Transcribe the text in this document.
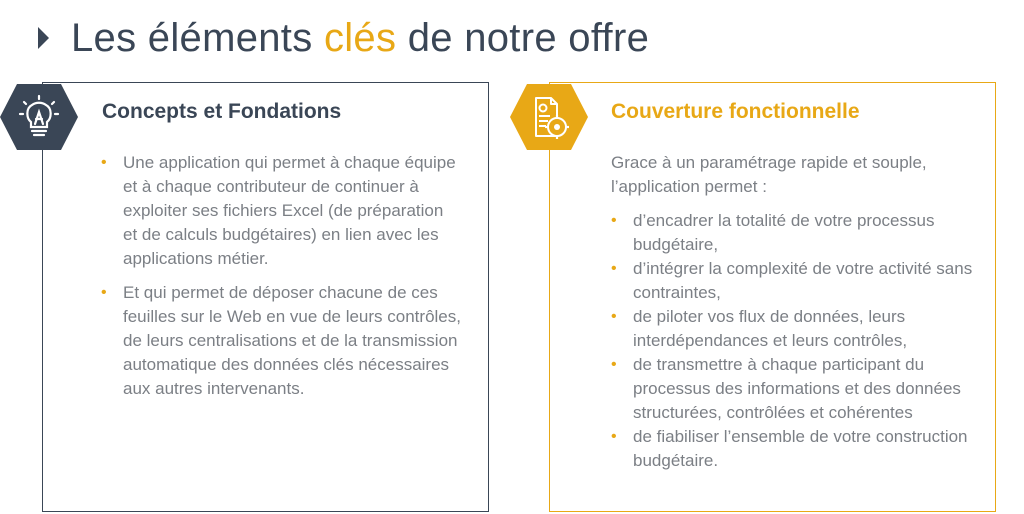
Les éléments clés de notre offre
Concepts et Fondations
• Une application qui permet à chaque équipe et à chaque contributeur de continuer à exploiter ses fichiers Excel (de préparation et de calculs budgétaires) en lien avec les applications métier.
• Et qui permet de déposer chacune de ces feuilles sur le Web en vue de leurs contrôles, de leurs centralisations et de la transmission automatique des données clés nécessaires aux autres intervenants.
Couverture fonctionnelle
Grace à un paramétrage rapide et souple, l’application permet :
• d’encadrer la totalité de votre processus budgétaire,
• d’intégrer la complexité de votre activité sans contraintes,
• de piloter vos flux de données, leurs interdépendances et leurs contrôles,
• de transmettre à chaque participant du processus des informations et des données structurées, contrôlées et cohérentes
• de fiabiliser l’ensemble de votre construction budgétaire.
